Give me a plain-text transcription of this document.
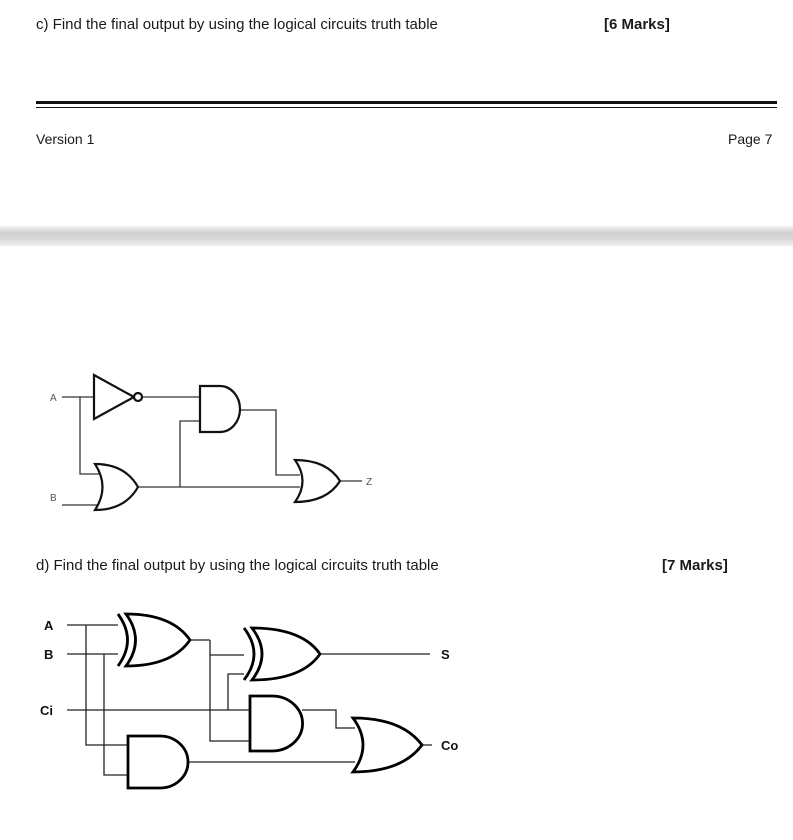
c) Find the final output by using the logical circuits truth table	[6 Marks]
Version 1	Page 7
d) Find the final output by using the logical circuits truth table	[7 Marks]
A
B
Z
A
B
Ci
S
Co
